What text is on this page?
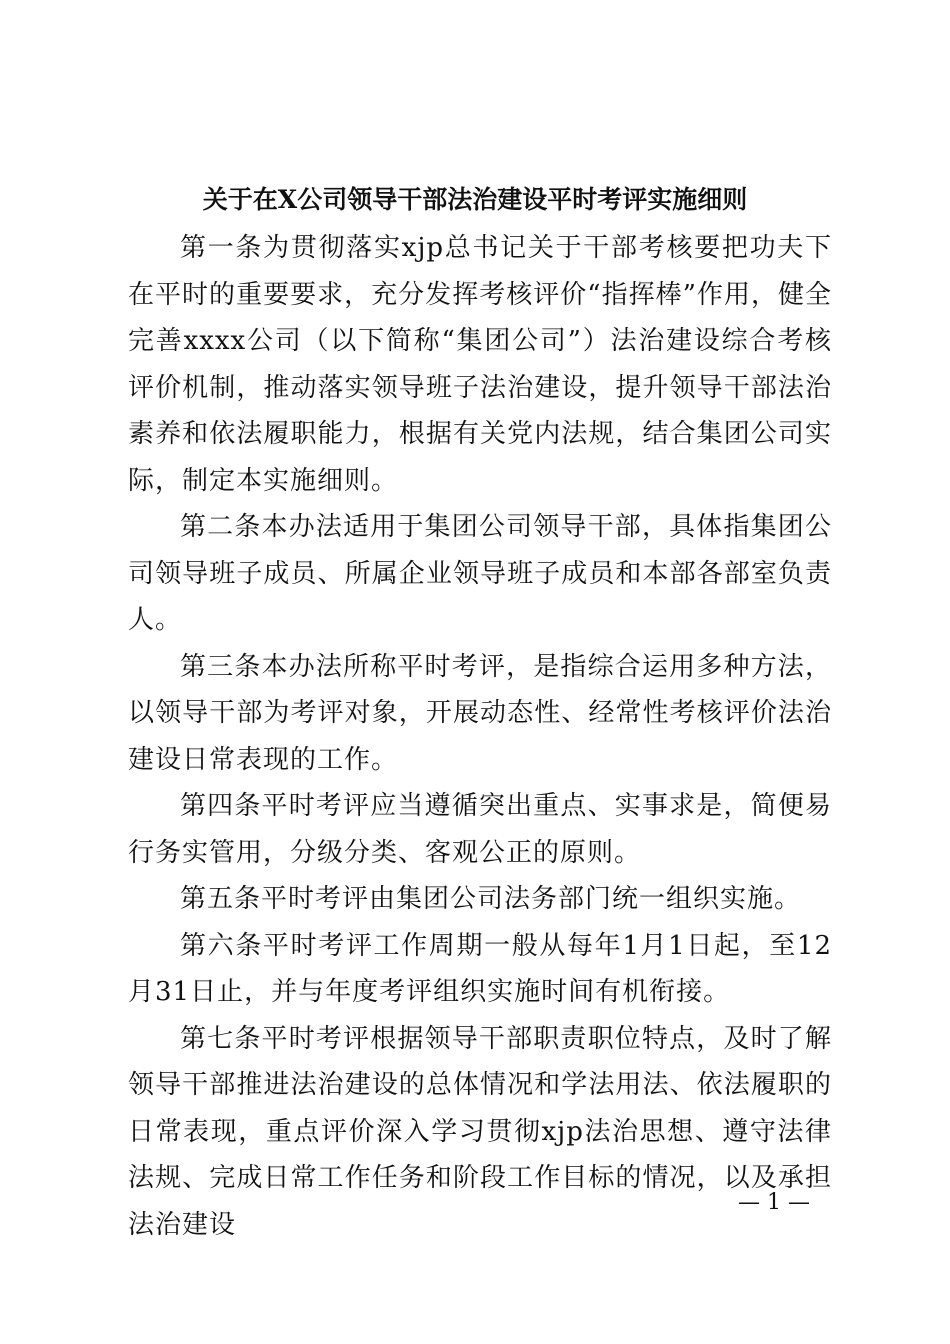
关于在X公司领导干部法治建设平时考评实施细则

第一条为贯彻落实xjp总书记关于干部考核要把功夫下在平时的重要要求，充分发挥考核评价“指挥棒”作用，健全完善xxxx公司（以下简称“集团公司”）法治建设综合考核评价机制，推动落实领导班子法治建设，提升领导干部法治素养和依法履职能力，根据有关党内法规，结合集团公司实际，制定本实施细则。

第二条本办法适用于集团公司领导干部，具体指集团公司领导班子成员、所属企业领导班子成员和本部各部室负责人。

第三条本办法所称平时考评，是指综合运用多种方法，以领导干部为考评对象，开展动态性、经常性考核评价法治建设日常表现的工作。

第四条平时考评应当遵循突出重点、实事求是，简便易行务实管用，分级分类、客观公正的原则。

第五条平时考评由集团公司法务部门统一组织实施。

第六条平时考评工作周期一般从每年1月1日起，至12月31日止，并与年度考评组织实施时间有机衔接。

第七条平时考评根据领导干部职责职位特点，及时了解领导干部推进法治建设的总体情况和学法用法、依法履职的日常表现，重点评价深入学习贯彻xjp法治思想、遵守法律法规、完成日常工作任务和阶段工作目标的情况，以及承担法治建设

— 1 —
